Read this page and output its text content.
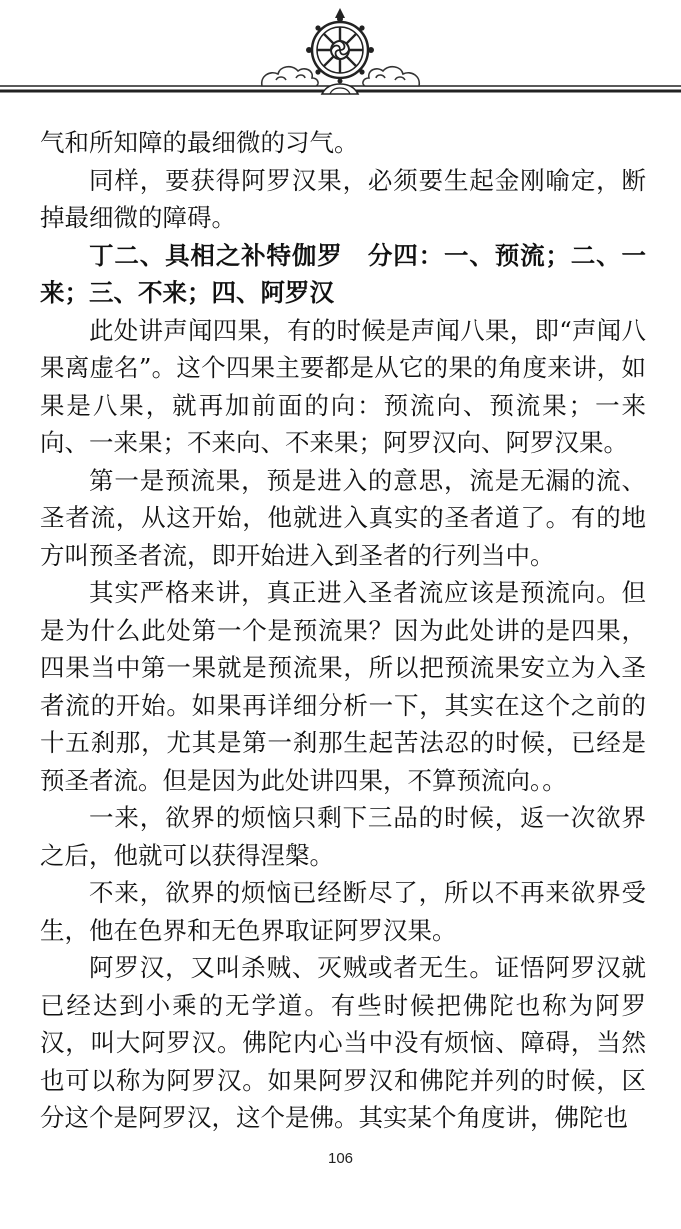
气和所知障的最细微的习气。

同样，要获得阿罗汉果，必须要生起金刚喻定，断掉最细微的障碍。

丁二、具相之补特伽罗　分四：一、预流；二、一来；三、不来；四、阿罗汉

此处讲声闻四果，有的时候是声闻八果，即“声闻八果离虚名”。这个四果主要都是从它的果的角度来讲，如果是八果，就再加前面的向：预流向、预流果；一来向、一来果；不来向、不来果；阿罗汉向、阿罗汉果。

第一是预流果，预是进入的意思，流是无漏的流、圣者流，从这开始，他就进入真实的圣者道了。有的地方叫预圣者流，即开始进入到圣者的行列当中。

其实严格来讲，真正进入圣者流应该是预流向。但是为什么此处第一个是预流果？因为此处讲的是四果，四果当中第一果就是预流果，所以把预流果安立为入圣者流的开始。如果再详细分析一下，其实在这个之前的十五刹那，尤其是第一刹那生起苦法忍的时候，已经是预圣者流。但是因为此处讲四果，不算预流向。。

一来，欲界的烦恼只剩下三品的时候，返一次欲界之后，他就可以获得涅槃。

不来，欲界的烦恼已经断尽了，所以不再来欲界受生，他在色界和无色界取证阿罗汉果。

阿罗汉，又叫杀贼、灭贼或者无生。证悟阿罗汉就已经达到小乘的无学道。有些时候把佛陀也称为阿罗汉，叫大阿罗汉。佛陀内心当中没有烦恼、障碍，当然也可以称为阿罗汉。如果阿罗汉和佛陀并列的时候，区分这个是阿罗汉，这个是佛。其实某个角度讲，佛陀也

106
